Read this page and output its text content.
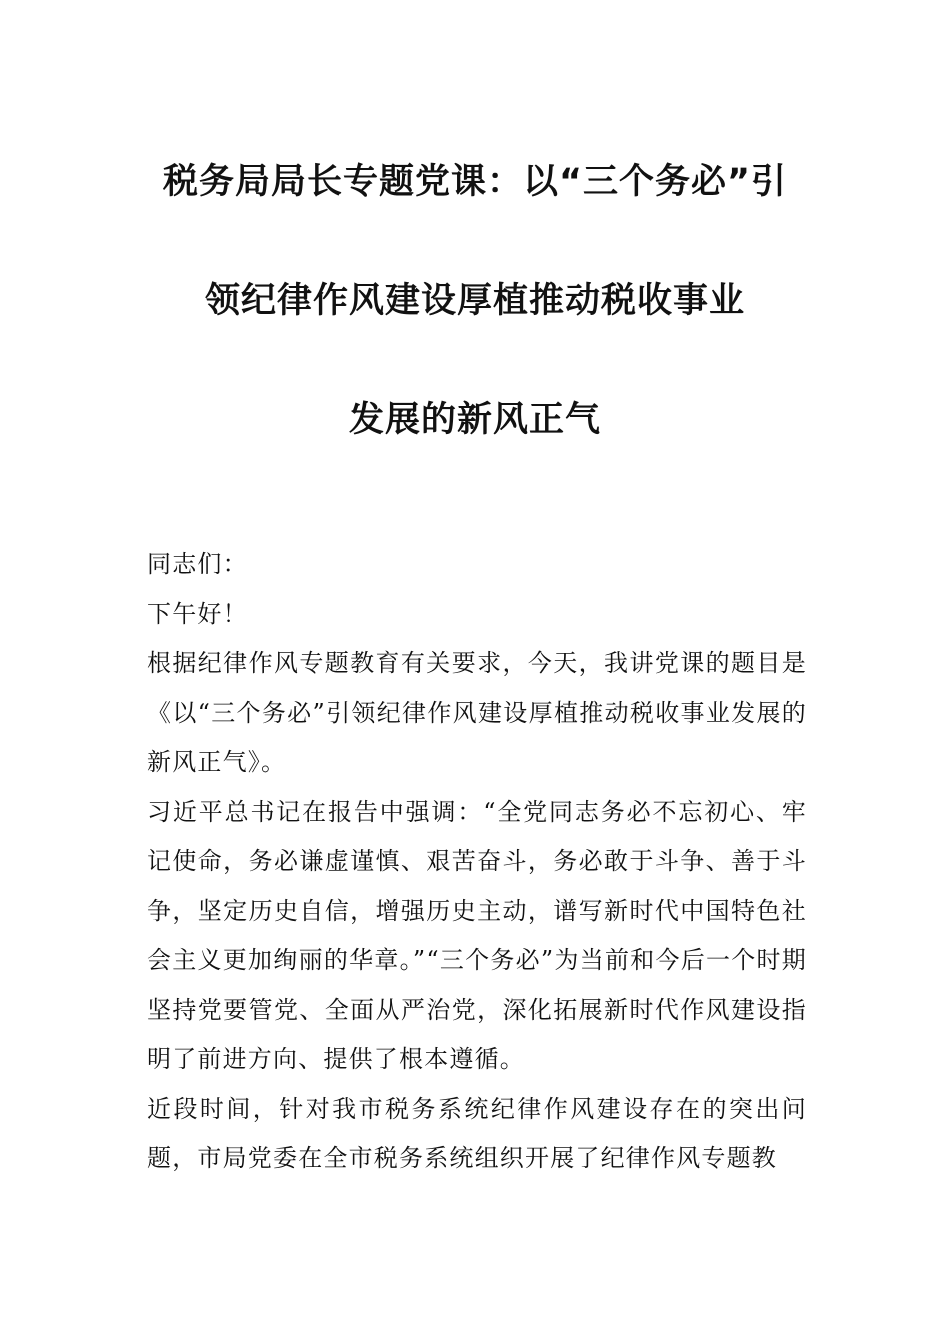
税务局局长专题党课：以“三个务必”引
领纪律作风建设厚植推动税收事业
发展的新风正气

同志们：

下午好！

根据纪律作风专题教育有关要求，今天，我讲党课的题目是《以“三个务必”引领纪律作风建设厚植推动税收事业发展的新风正气》。

习近平总书记在报告中强调：“全党同志务必不忘初心、牢记使命，务必谦虚谨慎、艰苦奋斗，务必敢于斗争、善于斗争，坚定历史自信，增强历史主动，谱写新时代中国特色社会主义更加绚丽的华章。”“三个务必”为当前和今后一个时期坚持党要管党、全面从严治党，深化拓展新时代作风建设指明了前进方向、提供了根本遵循。

近段时间，针对我市税务系统纪律作风建设存在的突出问题，市局党委在全市税务系统组织开展了纪律作风专题教
